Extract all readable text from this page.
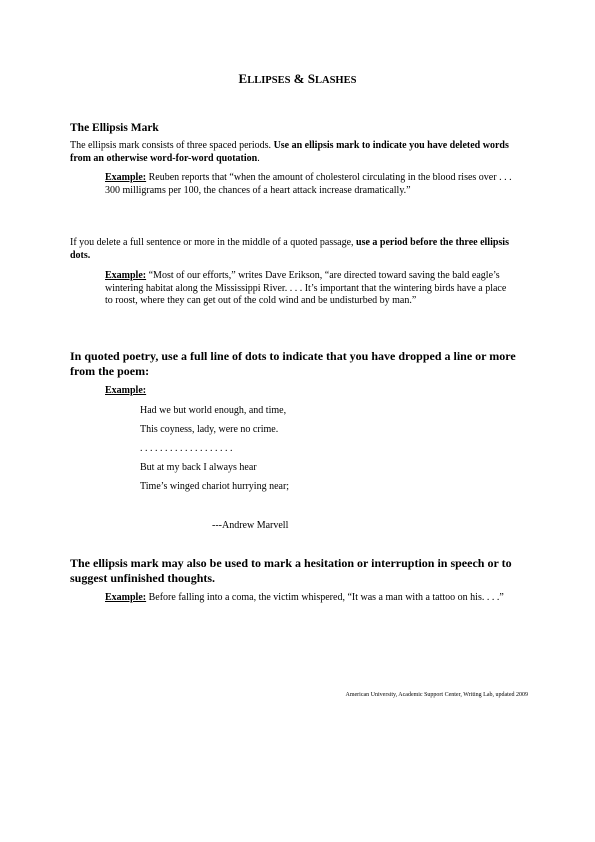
ELLIPSES & SLASHES
The Ellipsis Mark

The ellipsis mark consists of three spaced periods. Use an ellipsis mark to indicate you have deleted words from an otherwise word-for-word quotation.

Example: Reuben reports that “when the amount of cholesterol circulating in the blood rises over . . . 300 milligrams per 100, the chances of a heart attack increase dramatically.”

If you delete a full sentence or more in the middle of a quoted passage, use a period before the three ellipsis dots.

Example: “Most of our efforts,” writes Dave Erikson, “are directed toward saving the bald eagle’s wintering habitat along the Mississippi River. . . . It’s important that the wintering birds have a place to roost, where they can get out of the cold wind and be undisturbed by man.”

In quoted poetry, use a full line of dots to indicate that you have dropped a line or more from the poem:
Example:
Had we but world enough, and time,
This coyness, lady, were no crime.
. . . . . . . . . . . . . . . . . . .
But at my back I always hear
Time’s winged chariot hurrying near;
---Andrew Marvell
The ellipsis mark may also be used to mark a hesitation or interruption in speech or to suggest unfinished thoughts.

Example: Before falling into a coma, the victim whispered, “It was a man with a tattoo on his. . . .”

American University, Academic Support Center, Writing Lab, updated 2009
